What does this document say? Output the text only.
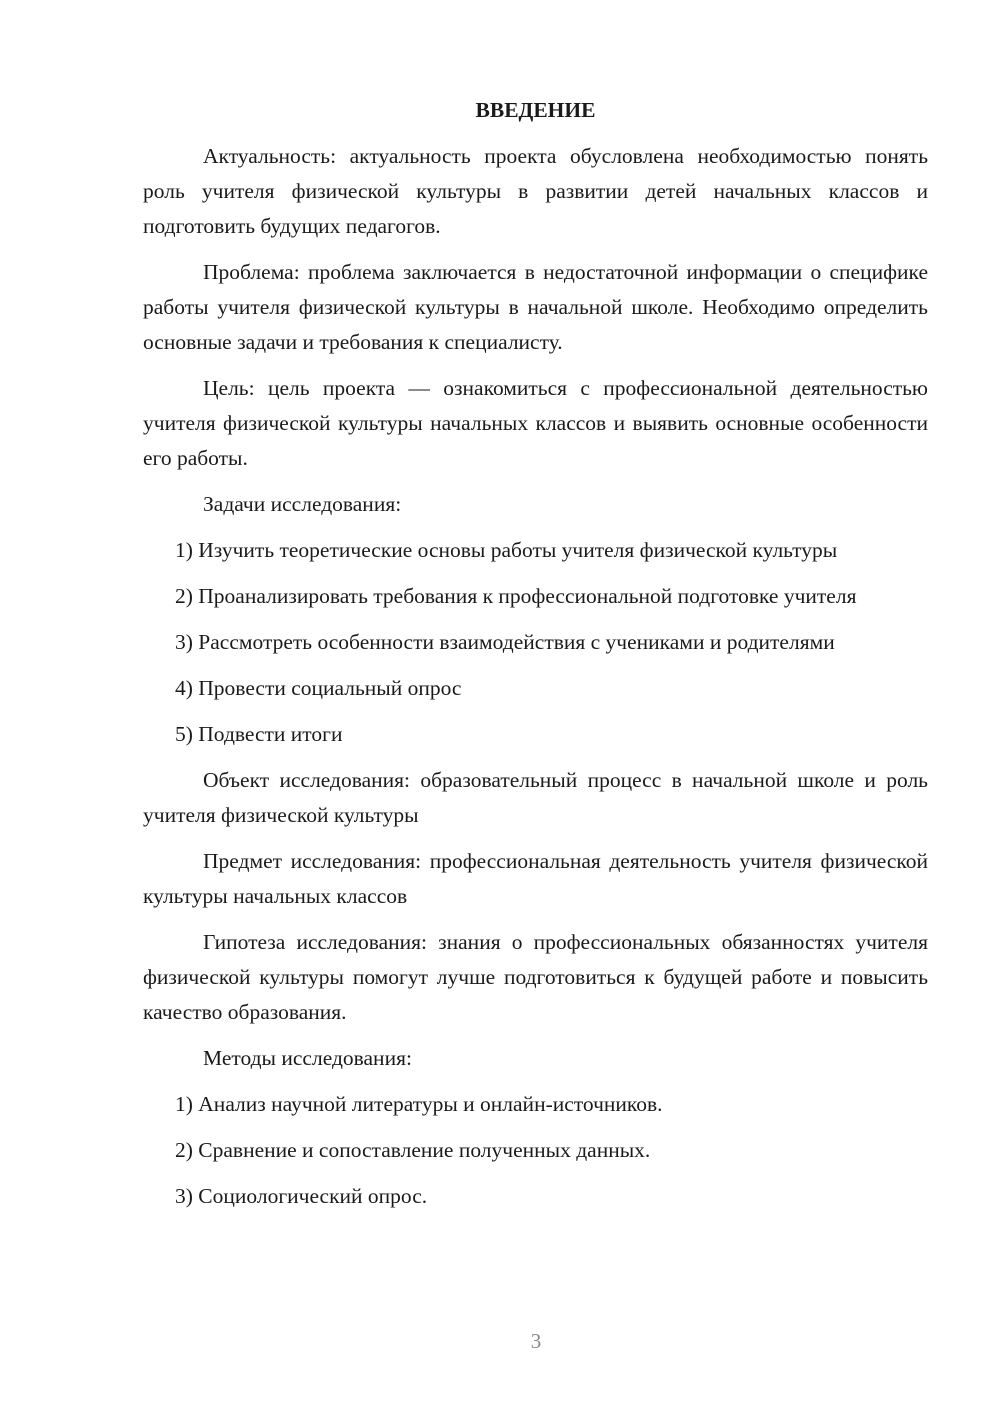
ВВЕДЕНИЕ

Актуальность: актуальность проекта обусловлена необходимостью понять роль учителя физической культуры в развитии детей начальных классов и подготовить будущих педагогов.

Проблема: проблема заключается в недостаточной информации о специфике работы учителя физической культуры в начальной школе. Необходимо определить основные задачи и требования к специалисту.

Цель: цель проекта — ознакомиться с профессиональной деятельностью учителя физической культуры начальных классов и выявить основные особенности его работы.

Задачи исследования:

1) Изучить теоретические основы работы учителя физической культуры

2) Проанализировать требования к профессиональной подготовке учителя

3) Рассмотреть особенности взаимодействия с учениками и родителями

4) Провести социальный опрос

5) Подвести итоги

Объект исследования: образовательный процесс в начальной школе и роль учителя физической культуры

Предмет исследования: профессиональная деятельность учителя физической культуры начальных классов

Гипотеза исследования: знания о профессиональных обязанностях учителя физической культуры помогут лучше подготовиться к будущей работе и повысить качество образования.

Методы исследования:

1) Анализ научной литературы и онлайн-источников.

2) Сравнение и сопоставление полученных данных.

3) Социологический опрос.

3
